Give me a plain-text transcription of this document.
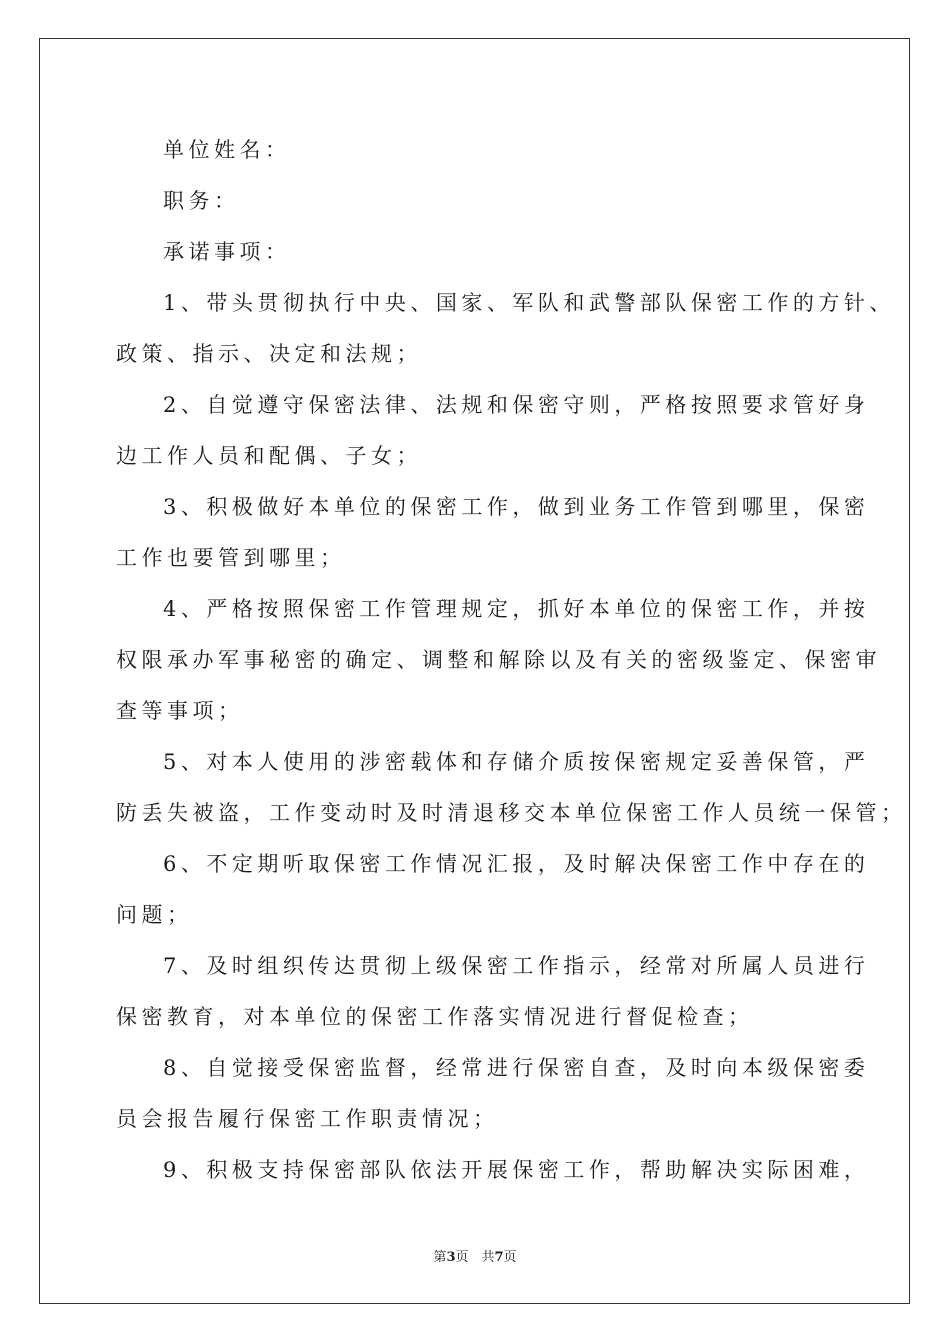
单位姓名：
职务：
承诺事项：
1、带头贯彻执行中央、国家、军队和武警部队保密工作的方针、
政策、指示、决定和法规；
2、自觉遵守保密法律、法规和保密守则，严格按照要求管好身
边工作人员和配偶、子女；
3、积极做好本单位的保密工作，做到业务工作管到哪里，保密
工作也要管到哪里；
4、严格按照保密工作管理规定，抓好本单位的保密工作，并按
权限承办军事秘密的确定、调整和解除以及有关的密级鉴定、保密审
查等事项；
5、对本人使用的涉密载体和存储介质按保密规定妥善保管，严
防丢失被盗，工作变动时及时清退移交本单位保密工作人员统一保管；
6、不定期听取保密工作情况汇报，及时解决保密工作中存在的
问题；
7、及时组织传达贯彻上级保密工作指示，经常对所属人员进行
保密教育，对本单位的保密工作落实情况进行督促检查；
8、自觉接受保密监督，经常进行保密自查，及时向本级保密委
员会报告履行保密工作职责情况；
9、积极支持保密部队依法开展保密工作，帮助解决实际困难，
第3页　共7页
